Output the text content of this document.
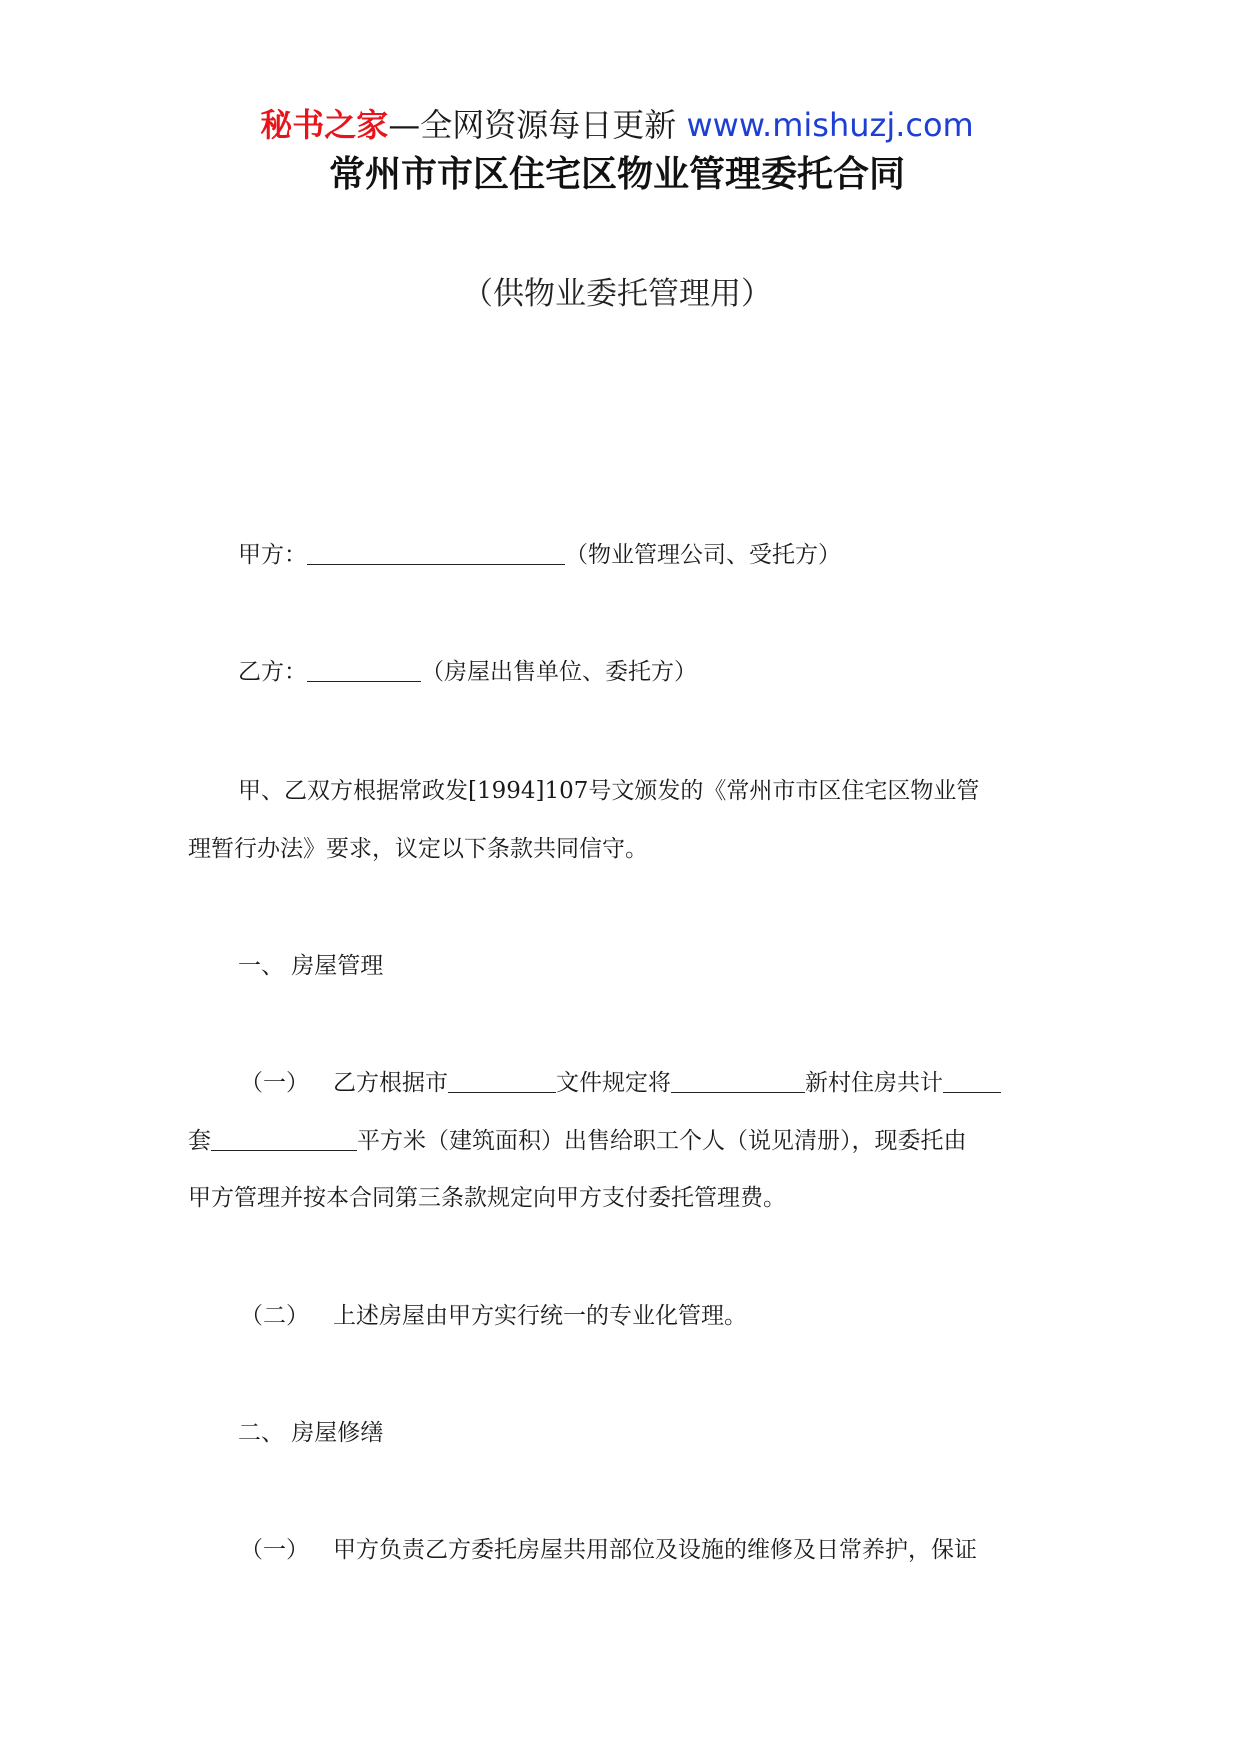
秘书之家—全网资源每日更新 www.mishuzj.com
常州市市区住宅区物业管理委托合同
（供物业委托管理用）
甲方：	（物业管理公司、受托方）
乙方：	（房屋出售单位、委托方）
甲、乙双方根据常政发[1994]107号文颁发的《常州市市区住宅区物业管
理暂行办法》要求，议定以下条款共同信守。
一、 房屋管理
（一） 乙方根据市	文件规定将	新村住房共计
套	平方米（建筑面积）出售给职工个人（说见清册），现委托由
甲方管理并按本合同第三条款规定向甲方支付委托管理费。
（二） 上述房屋由甲方实行统一的专业化管理。
二、 房屋修缮
（一） 甲方负责乙方委托房屋共用部位及设施的维修及日常养护，保证
